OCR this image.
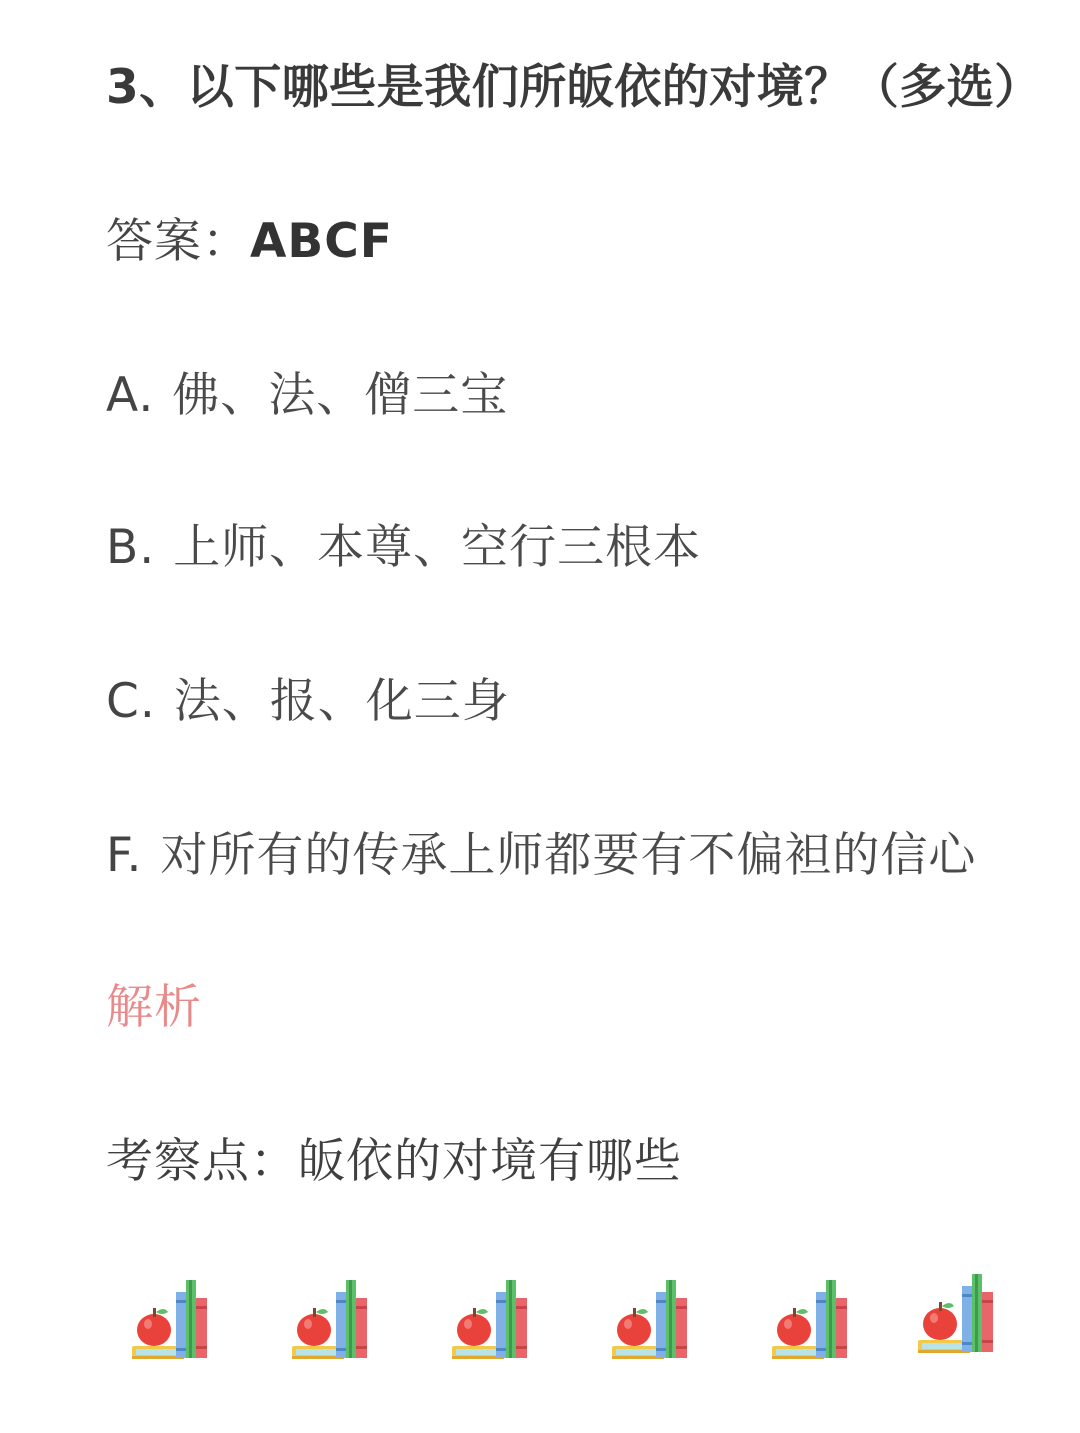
3、以下哪些是我们所皈依的对境？（多选）
答案：ABCF
A. 佛、法、僧三宝
B. 上师、本尊、空行三根本
C. 法、报、化三身
F. 对所有的传承上师都要有不偏袒的信心
解析
考察点：皈依的对境有哪些
